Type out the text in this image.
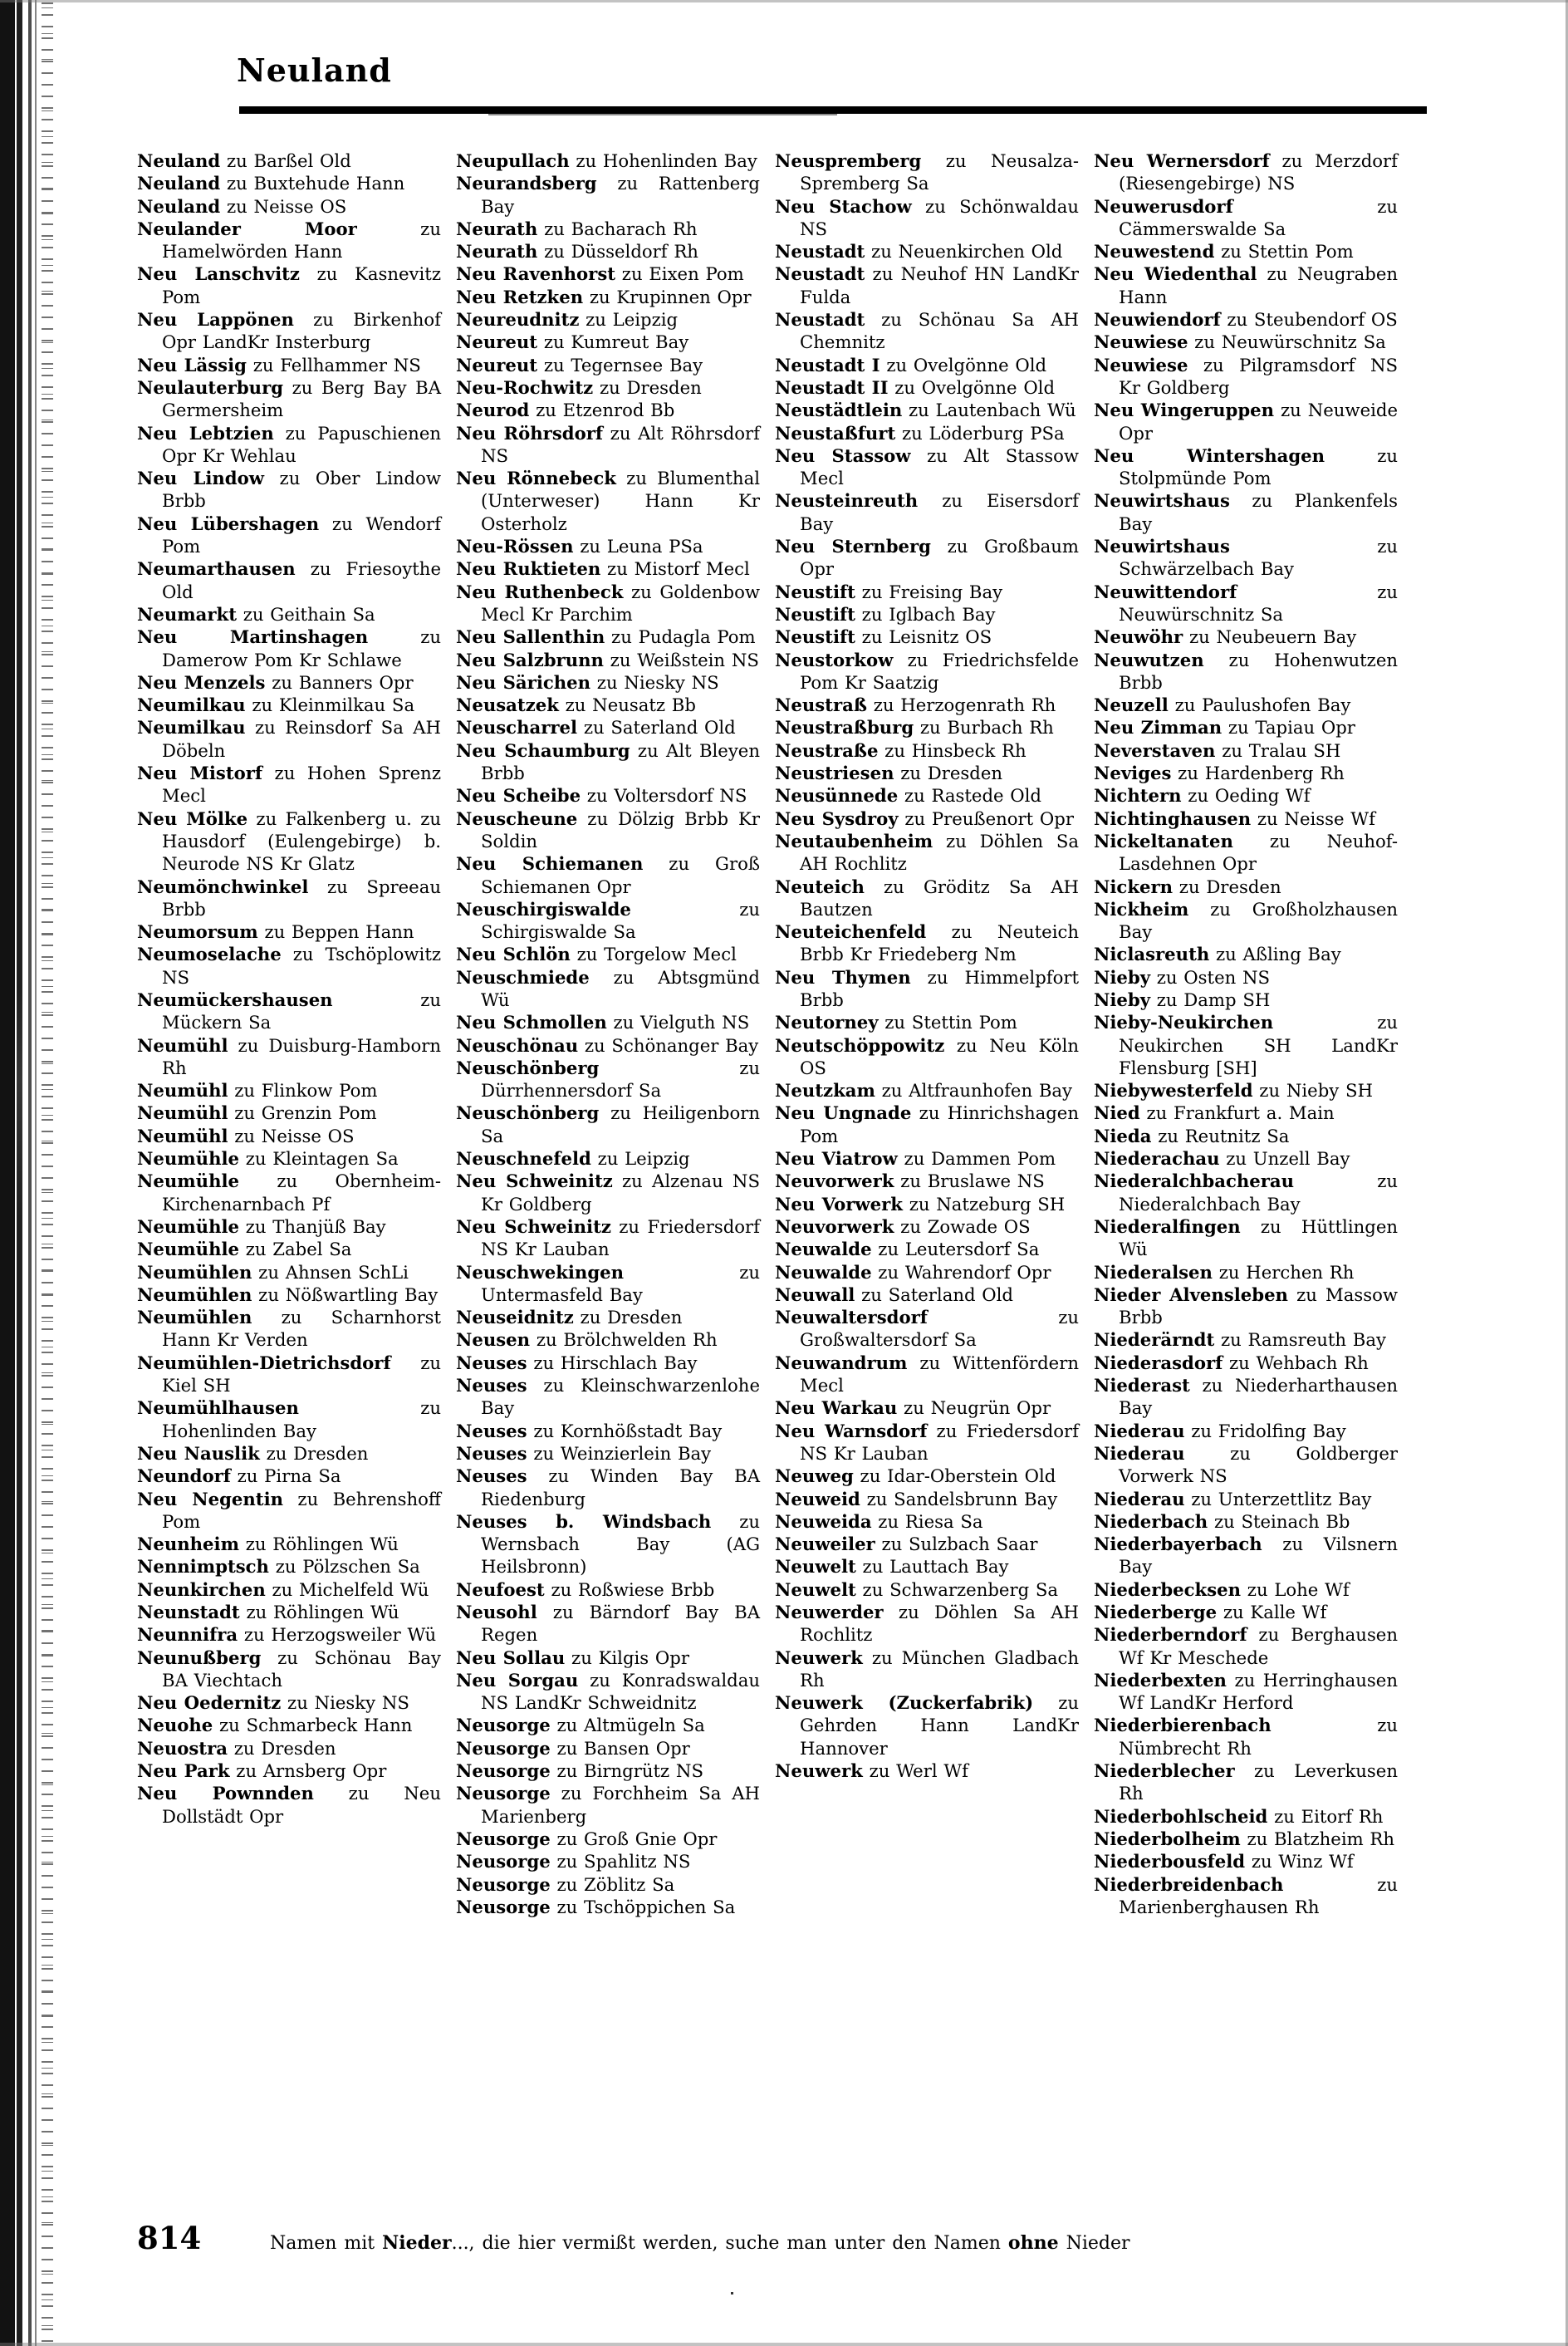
Neuland

Neuland zu Barßel Old

Neuland zu Buxtehude Hann

Neuland zu Neisse OS

Neulander Moor zu Hamelwörden Hann

Neu Lanschvitz zu Kasnevitz Pom

Neu Lappönen zu Birkenhof Opr LandKr Insterburg

Neu Lässig zu Fellhammer NS

Neulauterburg zu Berg Bay BA Germersheim

Neu Lebtzien zu Papuschienen Opr Kr Wehlau

Neu Lindow zu Ober Lindow Brbb

Neu Lübershagen zu Wendorf Pom

Neumarthausen zu Friesoythe Old

Neumarkt zu Geithain Sa

Neu Martinshagen zu Damerow Pom Kr Schlawe

Neu Menzels zu Banners Opr

Neumilkau zu Kleinmilkau Sa

Neumilkau zu Reinsdorf Sa AH Döbeln

Neu Mistorf zu Hohen Sprenz Mecl

Neu Mölke zu Falkenberg u. zu Hausdorf (Eulengebirge) b. Neurode NS Kr Glatz

Neumönchwinkel zu Spreeau Brbb

Neumorsum zu Beppen Hann

Neumoselache zu Tschöplowitz NS

Neumückershausen zu Mückern Sa

Neumühl zu Duisburg-Hamborn Rh

Neumühl zu Flinkow Pom

Neumühl zu Grenzin Pom

Neumühl zu Neisse OS

Neumühle zu Kleintagen Sa

Neumühle zu Obernheim-Kirchenarnbach Pf

Neumühle zu Thanjüß Bay

Neumühle zu Zabel Sa

Neumühlen zu Ahnsen SchLi

Neumühlen zu Nößwartling Bay

Neumühlen zu Scharnhorst Hann Kr Verden

Neumühlen-Dietrichsdorf zu Kiel SH

Neumühlhausen zu Hohenlinden Bay

Neu Nauslik zu Dresden

Neundorf zu Pirna Sa

Neu Negentin zu Behrenshoff Pom

Neunheim zu Röhlingen Wü

Nennimptsch zu Pölzschen Sa

Neunkirchen zu Michelfeld Wü

Neunstadt zu Röhlingen Wü

Neunnifra zu Herzogsweiler Wü

Neunußberg zu Schönau Bay BA Viechtach

Neu Oedernitz zu Niesky NS

Neuohe zu Schmarbeck Hann

Neuostra zu Dresden

Neu Park zu Arnsberg Opr

Neu Pownnden zu Neu Dollstädt Opr

Neupullach zu Hohenlinden Bay

Neurandsberg zu Rattenberg Bay

Neurath zu Bacharach Rh

Neurath zu Düsseldorf Rh

Neu Ravenhorst zu Eixen Pom

Neu Retzken zu Krupinnen Opr

Neureudnitz zu Leipzig

Neureut zu Kumreut Bay

Neureut zu Tegernsee Bay

Neu-Rochwitz zu Dresden

Neurod zu Etzenrod Bb

Neu Röhrsdorf zu Alt Röhrsdorf NS

Neu Rönnebeck zu Blumenthal (Unterweser) Hann Kr Osterholz

Neu-Rössen zu Leuna PSa

Neu Ruktieten zu Mistorf Mecl

Neu Ruthenbeck zu Goldenbow Mecl Kr Parchim

Neu Sallenthin zu Pudagla Pom

Neu Salzbrunn zu Weißstein NS

Neu Särichen zu Niesky NS

Neusatzek zu Neusatz Bb

Neuscharrel zu Saterland Old

Neu Schaumburg zu Alt Bleyen Brbb

Neu Scheibe zu Voltersdorf NS

Neuscheune zu Dölzig Brbb Kr Soldin

Neu Schiemanen zu Groß Schiemanen Opr

Neuschirgiswalde zu Schirgiswalde Sa

Neu Schlön zu Torgelow Mecl

Neuschmiede zu Abtsgmünd Wü

Neu Schmollen zu Vielguth NS

Neuschönau zu Schönanger Bay

Neuschönberg zu Dürrhennersdorf Sa

Neuschönberg zu Heiligenborn Sa

Neuschnefeld zu Leipzig

Neu Schweinitz zu Alzenau NS Kr Goldberg

Neu Schweinitz zu Friedersdorf NS Kr Lauban

Neuschwekingen zu Untermasfeld Bay

Neuseidnitz zu Dresden

Neusen zu Brölchwelden Rh

Neuses zu Hirschlach Bay

Neuses zu Kleinschwarzenlohe Bay

Neuses zu Kornhößstadt Bay

Neuses zu Weinzierlein Bay

Neuses zu Winden Bay BA Riedenburg

Neuses b. Windsbach zu Wernsbach Bay (AG Heilsbronn)

Neufoest zu Roßwiese Brbb

Neusohl zu Bärndorf Bay BA Regen

Neu Sollau zu Kilgis Opr

Neu Sorgau zu Konradswaldau NS LandKr Schweidnitz

Neusorge zu Altmügeln Sa

Neusorge zu Bansen Opr

Neusorge zu Birngrütz NS

Neusorge zu Forchheim Sa AH Marienberg

Neusorge zu Groß Gnie Opr

Neusorge zu Spahlitz NS

Neusorge zu Zöblitz Sa

Neusorge zu Tschöppichen Sa

Neuspremberg zu Neusalza-Spremberg Sa

Neu Stachow zu Schönwaldau NS

Neustadt zu Neuenkirchen Old

Neustadt zu Neuhof HN LandKr Fulda

Neustadt zu Schönau Sa AH Chemnitz

Neustadt I zu Ovelgönne Old

Neustadt II zu Ovelgönne Old

Neustädtlein zu Lautenbach Wü

Neustaßfurt zu Löderburg PSa

Neu Stassow zu Alt Stassow Mecl

Neusteinreuth zu Eisersdorf Bay

Neu Sternberg zu Großbaum Opr

Neustift zu Freising Bay

Neustift zu Iglbach Bay

Neustift zu Leisnitz OS

Neustorkow zu Friedrichsfelde Pom Kr Saatzig

Neustraß zu Herzogenrath Rh

Neustraßburg zu Burbach Rh

Neustraße zu Hinsbeck Rh

Neustriesen zu Dresden

Neusünnede zu Rastede Old

Neu Sysdroy zu Preußenort Opr

Neutaubenheim zu Döhlen Sa AH Rochlitz

Neuteich zu Gröditz Sa AH Bautzen

Neuteichenfeld zu Neuteich Brbb Kr Friedeberg Nm

Neu Thymen zu Himmelpfort Brbb

Neutorney zu Stettin Pom

Neutschöppowitz zu Neu Köln OS

Neutzkam zu Altfraunhofen Bay

Neu Ungnade zu Hinrichshagen Pom

Neu Viatrow zu Dammen Pom

Neuvorwerk zu Bruslawe NS

Neu Vorwerk zu Natzeburg SH

Neuvorwerk zu Zowade OS

Neuwalde zu Leutersdorf Sa

Neuwalde zu Wahrendorf Opr

Neuwall zu Saterland Old

Neuwaltersdorf zu Großwaltersdorf Sa

Neuwandrum zu Wittenfördern Mecl

Neu Warkau zu Neugrün Opr

Neu Warnsdorf zu Friedersdorf NS Kr Lauban

Neuweg zu Idar-Oberstein Old

Neuweid zu Sandelsbrunn Bay

Neuweida zu Riesa Sa

Neuweiler zu Sulzbach Saar

Neuwelt zu Lauttach Bay

Neuwelt zu Schwarzenberg Sa

Neuwerder zu Döhlen Sa AH Rochlitz

Neuwerk zu München Gladbach Rh

Neuwerk (Zuckerfabrik) zu Gehrden Hann LandKr Hannover

Neuwerk zu Werl Wf

Neu Wernersdorf zu Merzdorf (Riesengebirge) NS

Neuwerusdorf zu Cämmerswalde Sa

Neuwestend zu Stettin Pom

Neu Wiedenthal zu Neugraben Hann

Neuwiendorf zu Steubendorf OS

Neuwiese zu Neuwürschnitz Sa

Neuwiese zu Pilgramsdorf NS Kr Goldberg

Neu Wingeruppen zu Neuweide Opr

Neu Wintershagen zu Stolpmünde Pom

Neuwirtshaus zu Plankenfels Bay

Neuwirtshaus zu Schwärzelbach Bay

Neuwittendorf zu Neuwürschnitz Sa

Neuwöhr zu Neubeuern Bay

Neuwutzen zu Hohenwutzen Brbb

Neuzell zu Paulushofen Bay

Neu Zimman zu Tapiau Opr

Neverstaven zu Tralau SH

Neviges zu Hardenberg Rh

Nichtern zu Oeding Wf

Nichtinghausen zu Neisse Wf

Nickeltanaten zu Neuhof-Lasdehnen Opr

Nickern zu Dresden

Nickheim zu Großholzhausen Bay

Niclasreuth zu Aßling Bay

Nieby zu Osten NS

Nieby zu Damp SH

Nieby-Neukirchen zu Neukirchen SH LandKr Flensburg [SH]

Niebywesterfeld zu Nieby SH

Nied zu Frankfurt a. Main

Nieda zu Reutnitz Sa

Niederachau zu Unzell Bay

Niederalchbacherau zu Niederalchbach Bay

Niederalfingen zu Hüttlingen Wü

Niederalsen zu Herchen Rh

Nieder Alvensleben zu Massow Brbb

Niederärndt zu Ramsreuth Bay

Niederasdorf zu Wehbach Rh

Niederast zu Niederharthausen Bay

Niederau zu Fridolfing Bay

Niederau zu Goldberger Vorwerk NS

Niederau zu Unterzettlitz Bay

Niederbach zu Steinach Bb

Niederbayerbach zu Vilsnern Bay

Niederbecksen zu Lohe Wf

Niederberge zu Kalle Wf

Niederberndorf zu Berghausen Wf Kr Meschede

Niederbexten zu Herringhausen Wf LandKr Herford

Niederbierenbach zu Nümbrecht Rh

Niederblecher zu Leverkusen Rh

Niederbohlscheid zu Eitorf Rh

Niederbolheim zu Blatzheim Rh

Niederbousfeld zu Winz Wf

Niederbreidenbach zu Marienberghausen Rh

814	Namen mit Nieder..., die hier vermißt werden, suche man unter den Namen ohne Nieder
